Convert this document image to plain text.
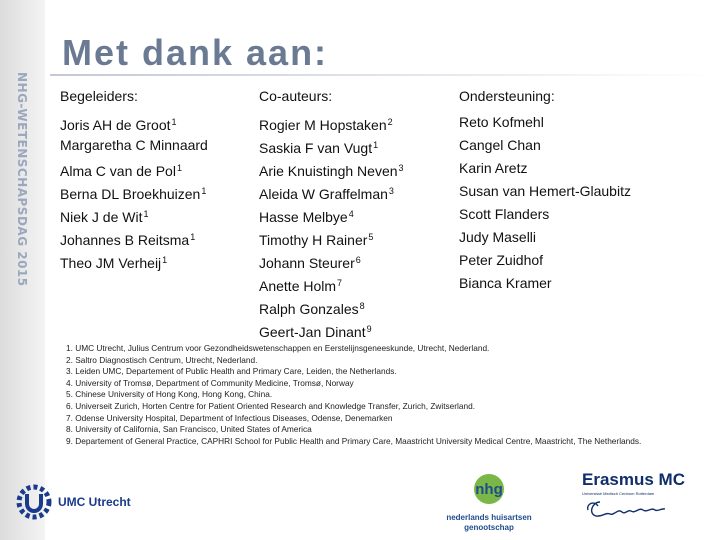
NHG-WETENSCHAPSDAG 2015
Met dank aan:
Begeleiders:
Joris AH de Groot$^1$
Margaretha C Minnaard
Alma C van de Pol$^1$
Berna DL Broekhuizen$^1$
Niek J de Wit$^1$
Johannes B Reitsma$^1$
Theo JM Verheij$^1$
Co-auteurs:
Rogier M Hopstaken$^2$
Saskia F van Vugt$^1$
Arie Knuistingh Neven$^3$
Aleida W Graffelman$^3$
Hasse Melbye$^4$
Timothy H Rainer$^5$
Johann Steurer$^6$
Anette Holm$^7$
Ralph Gonzales$^8$
Geert-Jan Dinant$^9$
Ondersteuning:
Reto Kofmehl
Cangel Chan
Karin Aretz
Susan van Hemert-Glaubitz
Scott Flanders
Judy Maselli
Peter Zuidhof
Bianca Kramer

1. UMC Utrecht, Julius Centrum voor Gezondheidswetenschappen en Eerstelijnsgeneeskunde, Utrecht, Nederland.

2. Saltro Diagnostisch Centrum, Utrecht, Nederland.

3. Leiden UMC, Departement of Public Health and Primary Care, Leiden, the Netherlands.

4. University of Tromsø, Department of Community Medicine, Tromsø, Norway

5. Chinese University of Hong Kong, Hong Kong, China.

6. Universeit Zurich, Horten Centre for Patient Oriented Research and Knowledge Transfer, Zurich, Zwitserland.

7. Odense University Hospital, Department of Infectious Diseases, Odense, Denemarken

8. University of California, San Francisco, United States of America

9. Departement of General Practice, CAPHRI School for Public Health and Primary Care, Maastricht University Medical Centre, Maastricht, The Netherlands.

UMC Utrecht
nhg
nederlands huisartsen
genootschap
Erasmus MC
Universitair Medisch Centrum Rotterdam
